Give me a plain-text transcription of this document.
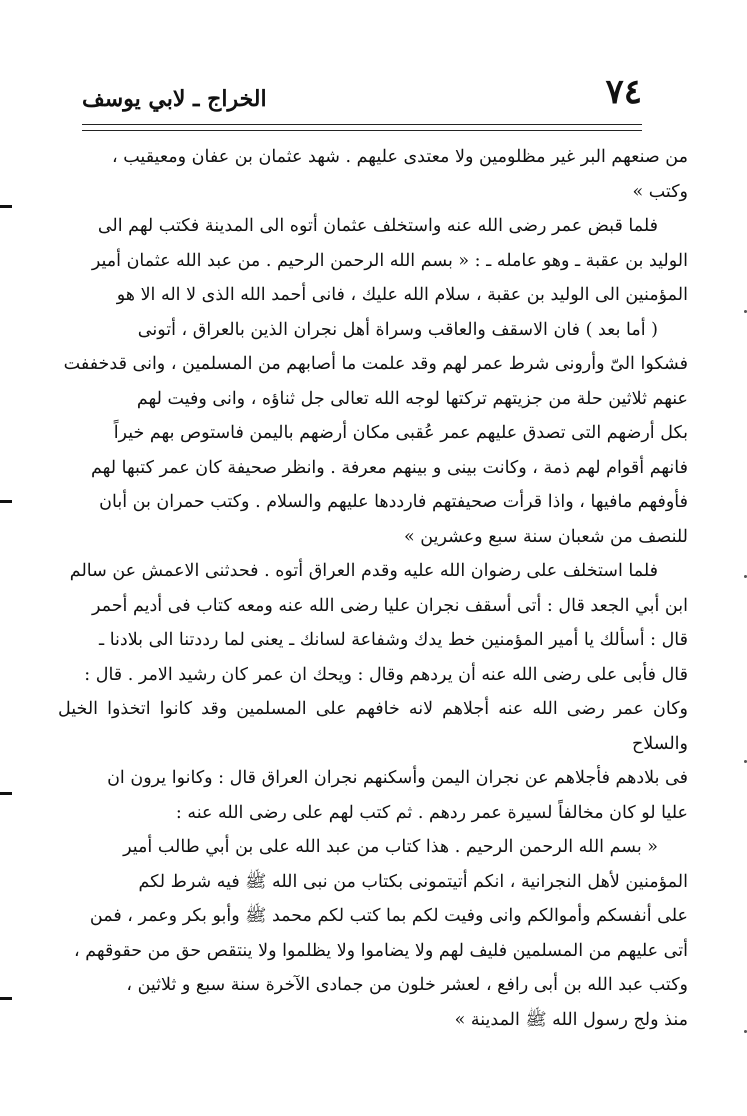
٧٤
الخراج ـ لابي يوسف

من صنعهم البر غير مظلومين ولا معتدى عليهم . شهد عثمان بن عفان ومعيقيب ،

وكتب »

فلما قبض عمر رضى الله عنه واستخلف عثمان أتوه الى المدينة فكتب لهم الى

الوليد بن عقبة ـ وهو عامله ـ : « بسم الله الرحمن الرحيم . من عبد الله عثمان أمير

المؤمنين الى الوليد بن عقبة ، سلام الله عليك ، فانى أحمد الله الذى لا اله الا هو

( أما بعد ) فان الاسقف والعاقب وسراة أهل نجران الذين بالعراق ، أتونى

فشكوا الىّ وأرونى شرط عمر لهم وقد علمت ما أصابهم من المسلمين ، وانى قدخففت

عنهم ثلاثين حلة من جزيتهم تركتها لوجه الله تعالى جل ثناؤه ، وانى وفيت لهم

بكل أرضهم التى تصدق عليهم عمر عُقبى مكان أرضهم باليمن فاستوص بهم خيراً

فانهم أقوام لهم ذمة ، وكانت بينى و بينهم معرفة . وانظر صحيفة كان عمر كتبها لهم

فأوفهم مافيها ، واذا قرأت صحيفتهم فارددها عليهم والسلام . وكتب حمران بن أبان

للنصف من شعبان سنة سبع وعشرين »

فلما استخلف على رضوان الله عليه وقدم العراق أتوه . فحدثنى الاعمش عن سالم

ابن أبي الجعد قال : أتى أسقف نجران عليا رضى الله عنه ومعه كتاب فى أديم أحمر

قال : أسألك يا أمير المؤمنين خط يدك وشفاعة لسانك ـ يعنى لما رددتنا الى بلادنا ـ

قال فأبى على رضى الله عنه أن يردهم وقال : ويحك ان عمر كان رشيد الامر . قال :

وكان عمر رضى الله عنه أجلاهم لانه خافهم على المسلمين وقد كانوا اتخذوا الخيل والسلاح

فى بلادهم فأجلاهم عن نجران اليمن وأسكنهم نجران العراق قال : وكانوا يرون ان

عليا لو كان مخالفاً لسيرة عمر ردهم . ثم كتب لهم على رضى الله عنه :

« بسم الله الرحمن الرحيم . هذا كتاب من عبد الله على بن أبي طالب أمير

المؤمنين لأهل النجرانية ، انكم أتيتمونى بكتاب من نبى الله ﷺ فيه شرط لكم

على أنفسكم وأموالكم وانى وفيت لكم بما كتب لكم محمد ﷺ وأبو بكر وعمر ، فمن

أتى عليهم من المسلمين فليف لهم ولا يضاموا ولا يظلموا ولا ينتقص حق من حقوقهم ،

وكتب عبد الله بن أبى رافع ، لعشر خلون من جمادى الآخرة سنة سبع و ثلاثين ،

منذ ولج رسول الله ﷺ المدينة »
